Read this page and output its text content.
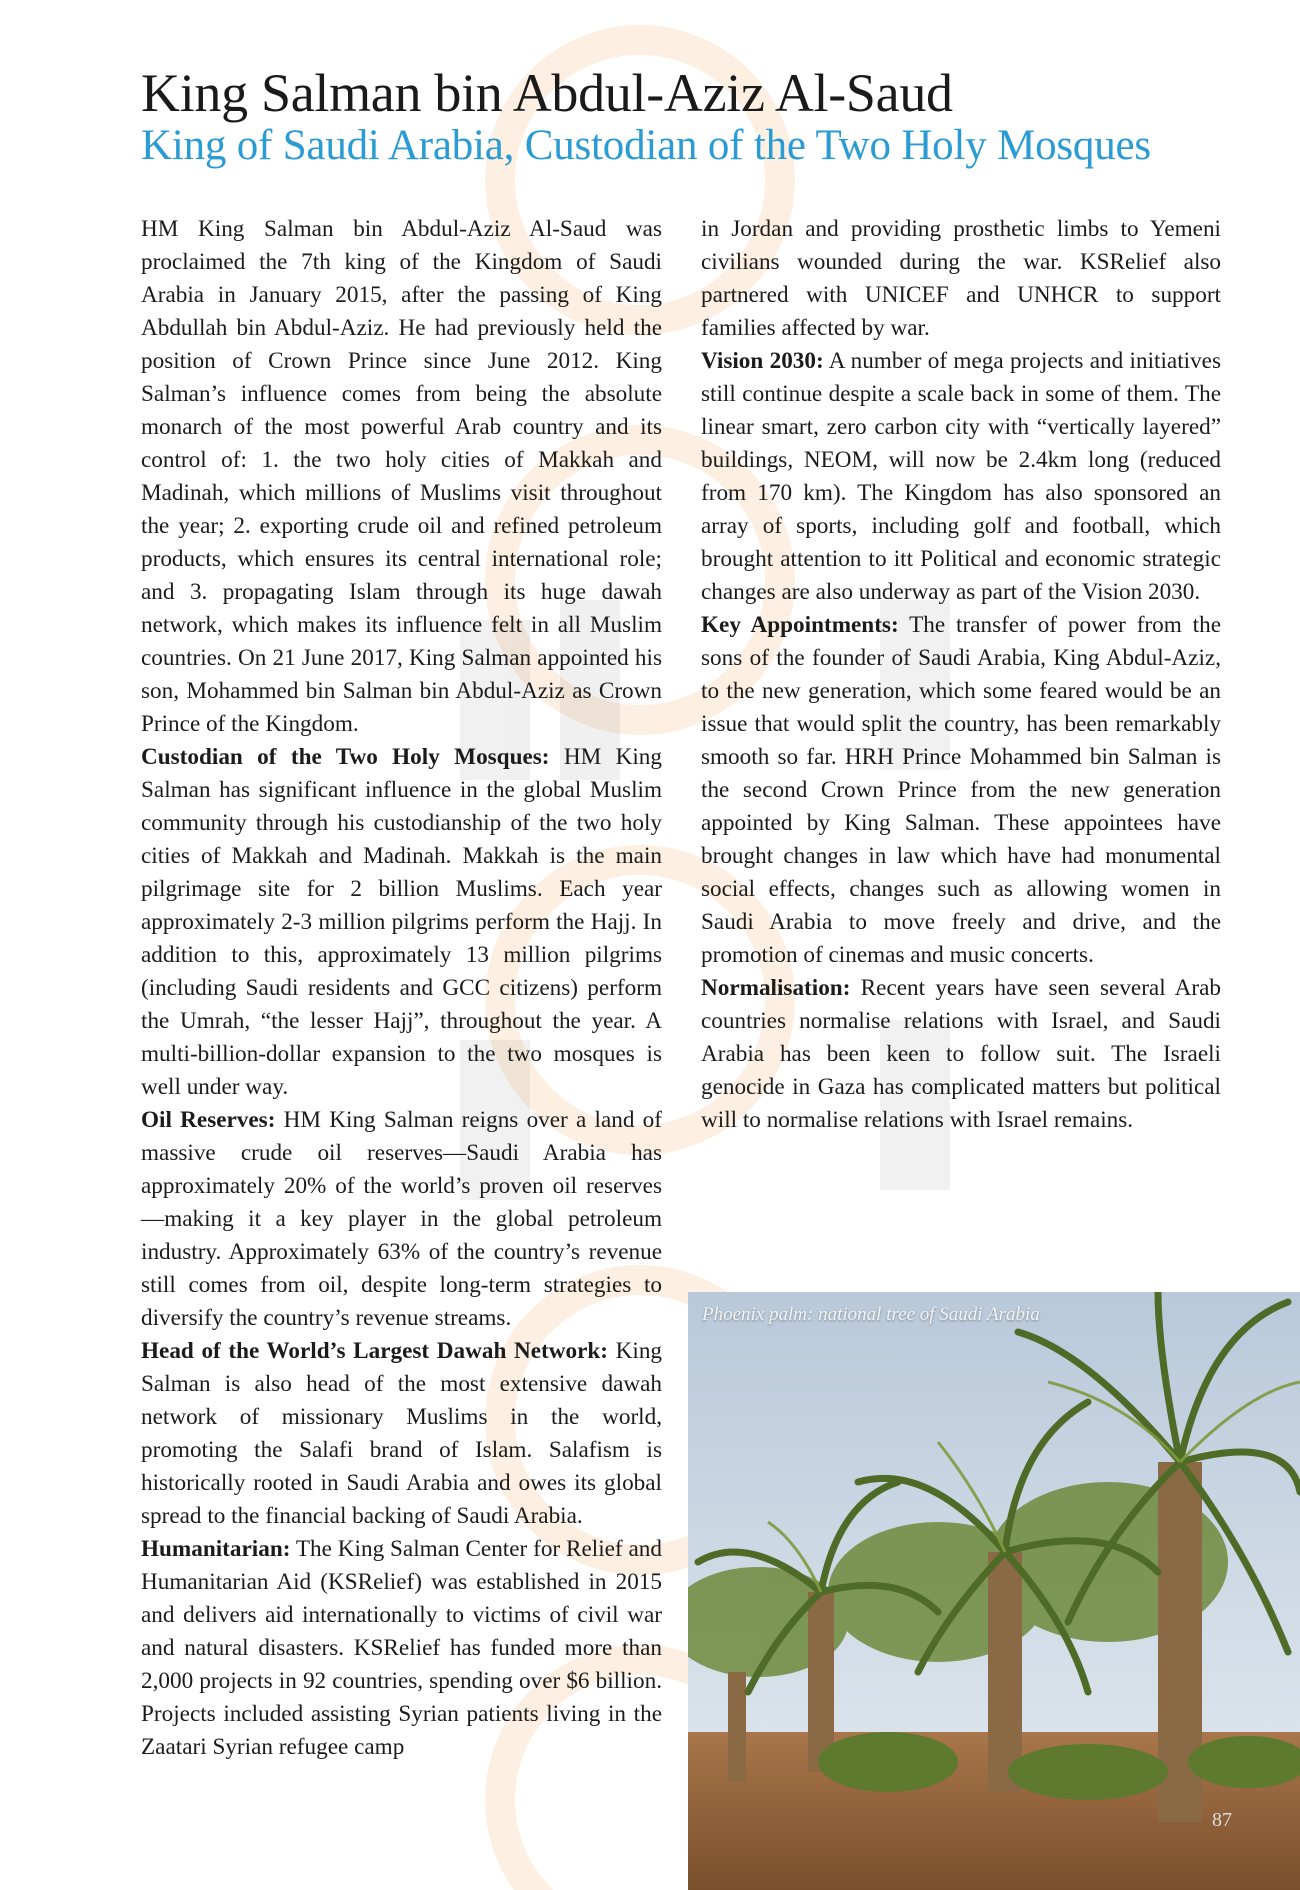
King Salman bin Abdul-Aziz Al-Saud
King of Saudi Arabia, Custodian of the Two Holy Mosques

HM King Salman bin Abdul-Aziz Al-Saud was proclaimed the 7th king of the Kingdom of Saudi Arabia in January 2015, after the passing of King Abdullah bin Abdul-Aziz. He had previously held the position of Crown Prince since June 2012. King Salman’s influence comes from being the absolute monarch of the most powerful Arab country and its control of: 1. the two holy cities of Makkah and Madinah, which millions of Muslims visit throughout the year; 2. exporting crude oil and refined petroleum products, which ensures its central international role; and 3. propagating Islam through its huge dawah network, which makes its influence felt in all Muslim countries. On 21 June 2017, King Salman appointed his son, Mohammed bin Salman bin Abdul-Aziz as Crown Prince of the Kingdom.

Custodian of the Two Holy Mosques: HM King Salman has significant influence in the global Muslim community through his custodianship of the two holy cities of Makkah and Madinah. Makkah is the main pilgrimage site for 2 billion Muslims. Each year approximately 2-3 million pilgrims perform the Hajj. In addition to this, approximately 13 million pilgrims (including Saudi residents and GCC citizens) perform the Umrah, “the lesser Hajj”, throughout the year. A multi-billion-dollar expansion to the two mosques is well under way.

Oil Reserves: HM King Salman reigns over a land of massive crude oil reserves—Saudi Arabia has approximately 20% of the world’s proven oil reserves—making it a key player in the global petroleum industry. Approximately 63% of the country’s revenue still comes from oil, despite long-term strategies to diversify the country’s revenue streams.

Head of the World’s Largest Dawah Network: King Salman is also head of the most extensive dawah network of missionary Muslims in the world, promoting the Salafi brand of Islam. Salafism is historically rooted in Saudi Arabia and owes its global spread to the financial backing of Saudi Arabia.

Humanitarian: The King Salman Center for Relief and Humanitarian Aid (KSRelief) was established in 2015 and delivers aid internationally to victims of civil war and natural disasters. KSRelief has funded more than 2,000 projects in 92 countries, spending over $6 billion. Projects included assisting Syrian patients living in the Zaatari Syrian refugee camp

in Jordan and providing prosthetic limbs to Yemeni civilians wounded during the war. KSRelief also partnered with UNICEF and UNHCR to support families affected by war.

Vision 2030: A number of mega projects and initiatives still continue despite a scale back in some of them. The linear smart, zero carbon city with “vertically layered” buildings, NEOM, will now be 2.4km long (reduced from 170 km). The Kingdom has also sponsored an array of sports, including golf and football, which brought attention to itt Political and economic strategic changes are also underway as part of the Vision 2030.

Key Appointments: The transfer of power from the sons of the founder of Saudi Arabia, King Abdul-Aziz, to the new generation, which some feared would be an issue that would split the country, has been remarkably smooth so far. HRH Prince Mohammed bin Salman is the second Crown Prince from the new generation appointed by King Salman. These appointees have brought changes in law which have had monumental social effects, changes such as allowing women in Saudi Arabia to move freely and drive, and the promotion of cinemas and music concerts.

Normalisation: Recent years have seen several Arab countries normalise relations with Israel, and Saudi Arabia has been keen to follow suit. The Israeli genocide in Gaza has complicated matters but political will to normalise relations with Israel remains.

Phoenix palm: national tree of Saudi Arabia
87
